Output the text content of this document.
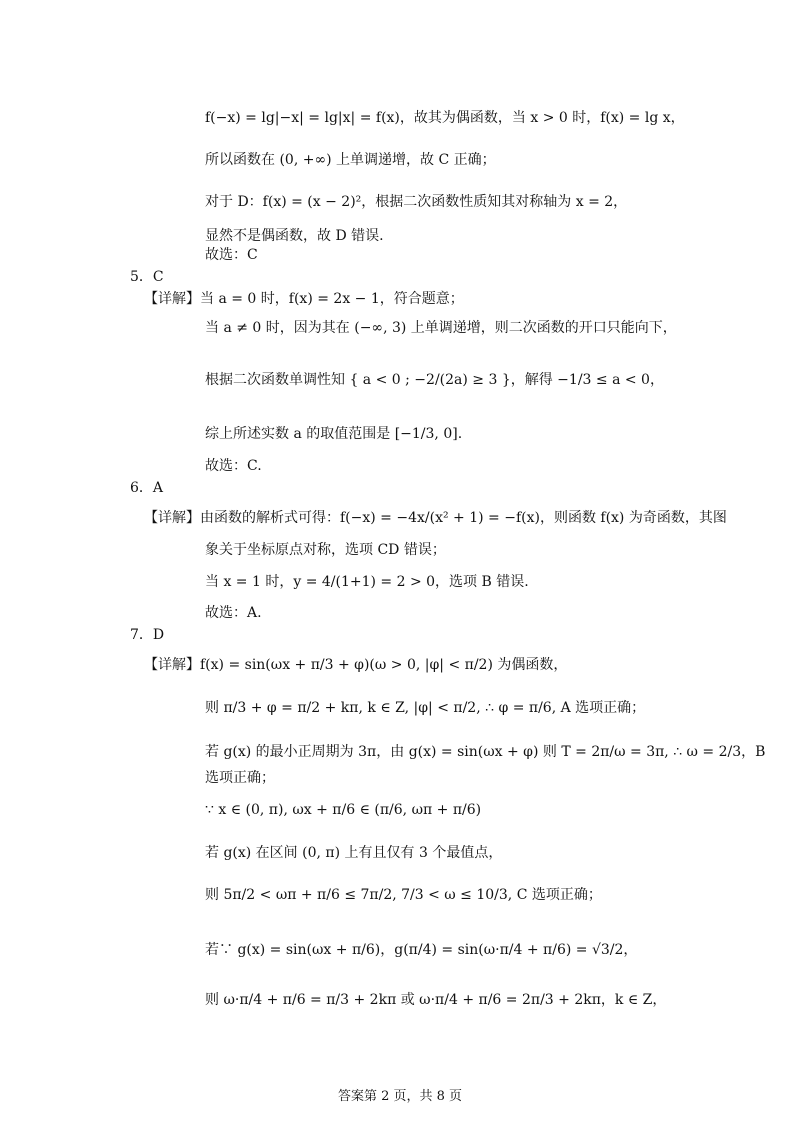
f(−x) = lg|−x| = lg|x| = f(x)，故其为偶函数，当 x > 0 时，f(x) = lg x，
所以函数在 (0, +∞) 上单调递增，故 C 正确；
对于 D：f(x) = (x − 2)²，根据二次函数性质知其对称轴为 x = 2，
显然不是偶函数，故 D 错误.
故选：C
5．C
【详解】当 a = 0 时，f(x) = 2x − 1，符合题意；
当 a ≠ 0 时，因为其在 (−∞, 3) 上单调递增，则二次函数的开口只能向下，
根据二次函数单调性知 { a < 0 ; −2/(2a) ≥ 3 }，解得 −1/3 ≤ a < 0，
综上所述实数 a 的取值范围是 [−1/3, 0].
故选：C.
6．A
【详解】由函数的解析式可得：f(−x) = −4x/(x² + 1) = −f(x)，则函数 f(x) 为奇函数，其图
象关于坐标原点对称，选项 CD 错误；
当 x = 1 时，y = 4/(1+1) = 2 > 0，选项 B 错误.
故选：A.
7．D
【详解】f(x) = sin(ωx + π/3 + φ)(ω > 0, |φ| < π/2) 为偶函数，
则 π/3 + φ = π/2 + kπ, k ∈ Z, |φ| < π/2, ∴ φ = π/6, A 选项正确；
若 g(x) 的最小正周期为 3π，由 g(x) = sin(ωx + φ) 则 T = 2π/ω = 3π, ∴ ω = 2/3，B
选项正确；
∵ x ∈ (0, π), ωx + π/6 ∈ (π/6, ωπ + π/6)
若 g(x) 在区间 (0, π) 上有且仅有 3 个最值点，
则 5π/2 < ωπ + π/6 ≤ 7π/2, 7/3 < ω ≤ 10/3, C 选项正确；
若∵ g(x) = sin(ωx + π/6)，g(π/4) = sin(ω·π/4 + π/6) = √3/2，
则 ω·π/4 + π/6 = π/3 + 2kπ 或 ω·π/4 + π/6 = 2π/3 + 2kπ，k ∈ Z，
答案第 2 页，共 8 页
